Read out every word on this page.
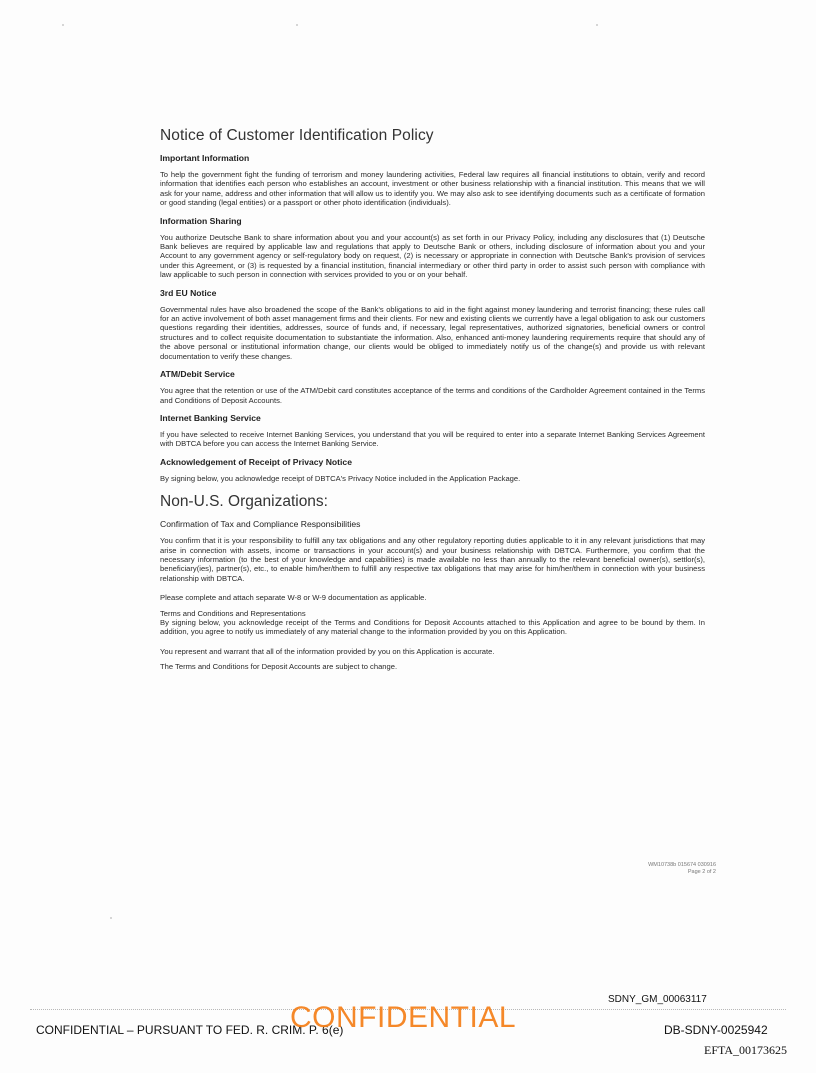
Notice of Customer Identification Policy
Important Information
To help the government fight the funding of terrorism and money laundering activities, Federal law requires all financial institutions to obtain, verify and record information that identifies each person who establishes an account, investment or other business relationship with a financial institution. This means that we will ask for your name, address and other information that will allow us to identify you. We may also ask to see identifying documents such as a certificate of formation or good standing (legal entities) or a passport or other photo identification (individuals).
Information Sharing
You authorize Deutsche Bank to share information about you and your account(s) as set forth in our Privacy Policy, including any disclosures that (1) Deutsche Bank believes are required by applicable law and regulations that apply to Deutsche Bank or others, including disclosure of information about you and your Account to any government agency or self-regulatory body on request, (2) is necessary or appropriate in connection with Deutsche Bank's provision of services under this Agreement, or (3) is requested by a financial institution, financial intermediary or other third party in order to assist such person with compliance with law applicable to such person in connection with services provided to you or on your behalf.
3rd EU Notice
Governmental rules have also broadened the scope of the Bank's obligations to aid in the fight against money laundering and terrorist financing; these rules call for an active involvement of both asset management firms and their clients. For new and existing clients we currently have a legal obligation to ask our customers questions regarding their identities, addresses, source of funds and, if necessary, legal representatives, authorized signatories, beneficial owners or control structures and to collect requisite documentation to substantiate the information. Also, enhanced anti-money laundering requirements require that should any of the above personal or institutional information change, our clients would be obliged to immediately notify us of the change(s) and provide us with relevant documentation to verify these changes.
ATM/Debit Service
You agree that the retention or use of the ATM/Debit card constitutes acceptance of the terms and conditions of the Cardholder Agreement contained in the Terms and Conditions of Deposit Accounts.
Internet Banking Service
If you have selected to receive Internet Banking Services, you understand that you will be required to enter into a separate Internet Banking Services Agreement with DBTCA before you can access the Internet Banking Service.
Acknowledgement of Receipt of Privacy Notice
By signing below, you acknowledge receipt of DBTCA's Privacy Notice included in the Application Package.
Non-U.S. Organizations:
Confirmation of Tax and Compliance Responsibilities
You confirm that it is your responsibility to fulfill any tax obligations and any other regulatory reporting duties applicable to it in any relevant jurisdictions that may arise in connection with assets, income or transactions in your account(s) and your business relationship with DBTCA. Furthermore, you confirm that the necessary information (to the best of your knowledge and capabilities) is made available no less than annually to the relevant beneficial owner(s), settlor(s), beneficiary(ies), partner(s), etc., to enable him/her/them to fulfill any respective tax obligations that may arise for him/her/them in connection with your business relationship with DBTCA.
Please complete and attach separate W-8 or W-9 documentation as applicable.
Terms and Conditions and Representations
By signing below, you acknowledge receipt of the Terms and Conditions for Deposit Accounts attached to this Application and agree to be bound by them. In addition, you agree to notify us immediately of any material change to the information provided by you on this Application.
You represent and warrant that all of the information provided by you on this Application is accurate.
The Terms and Conditions for Deposit Accounts are subject to change.
WM10738b 015674 030916
Page 2 of 2
SDNY_GM_00063117
CONFIDENTIAL – PURSUANT TO FED. R. CRIM. P. 6(e)
CONFIDENTIAL	DB-SDNY-0025942
EFTA_00173625
